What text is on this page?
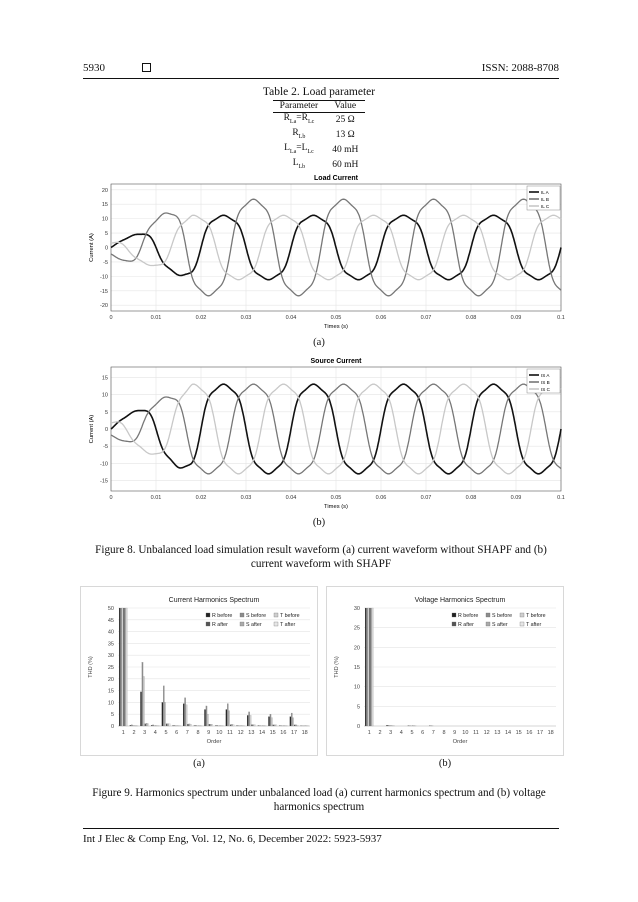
5930	ISSN: 2088-8708
Table 2. Load parameter
Parameter	Value
$R_{La}=R_{Lc}$	25 Ω
$R_{Lb}$	13 Ω
$L_{La}=L_{Lc}$	40 mH
$L_{Lb}$	60 mH
Load Current
0	0.01	0.02	0.03	0.04	0.05	0.06	0.07	0.08	0.09	0.1
20
15
10
5
0
-5
-10
-15
-20
Times (s)
Current (A)
IL A
IL B
IL C
(a)
Source Current
0	0.01	0.02	0.03	0.04	0.05	0.06	0.07	0.08	0.09	0.1
15
10
5
0
-5
-10
-15
Times (s)
Current (A)
IS A
IS B
IS C
(b)
Figure 8. Unbalanced load simulation result waveform (a) current waveform without SHAPF and (b) current waveform with SHAPF
Current Harmonics Spectrum
0
5
10
15
20
25
30
35
40
45
50
1 2 3 4 5 6 7 8 9 10 11 12 13 14 15 16 17 18
Order
THD (%)
R before	S before	T before
R after	S after	T after
Voltage Harmonics Spectrum
0
5
10
15
20
25
30
1 2 3 4 5 6 7 8 9 10 11 12 13 14 15 16 17 18
Order
THD (%)
R before	S before	T before
R after	S after	T after
(a)	(b)
Figure 9. Harmonics spectrum under unbalanced load (a) current harmonics spectrum and (b) voltage harmonics spectrum
Int J Elec & Comp Eng, Vol. 12, No. 6, December 2022: 5923-5937
